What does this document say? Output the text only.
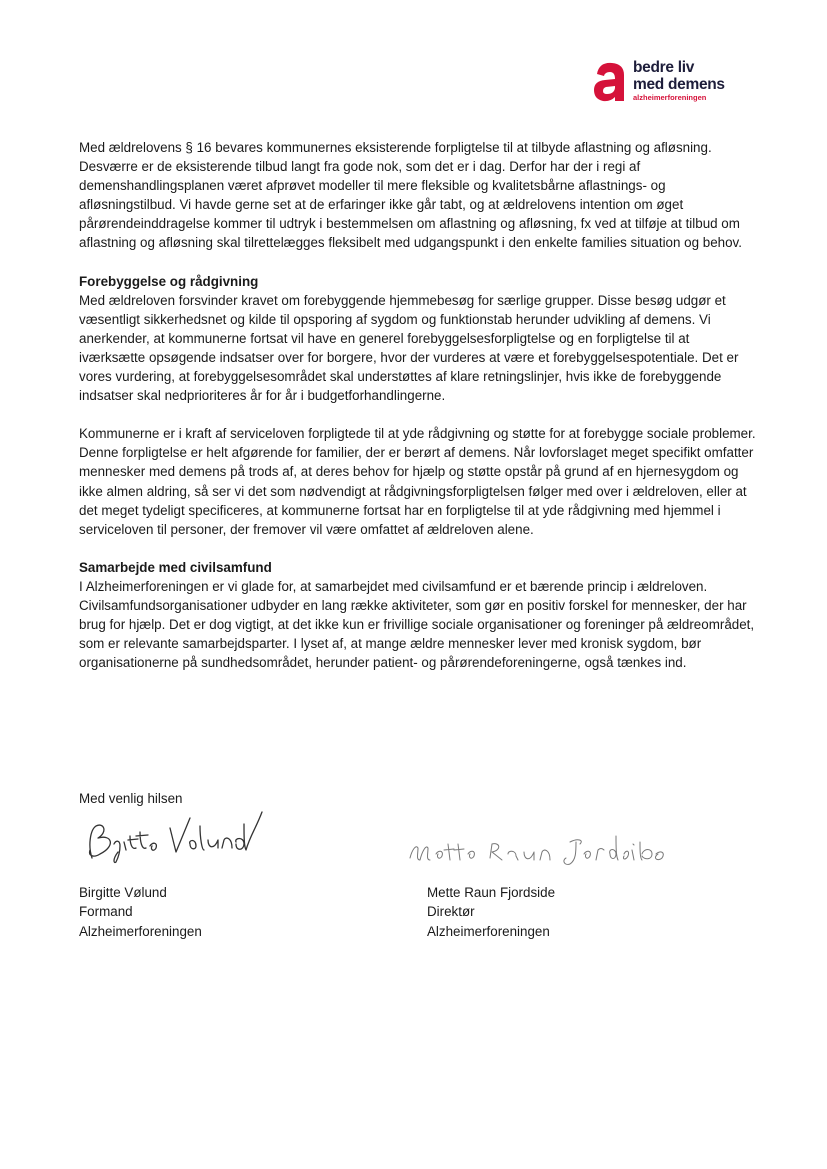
bedre liv
med demens
alzheimerforeningen

Med ældrelovens § 16 bevares kommunernes eksisterende forpligtelse til at tilbyde aflastning og afløsning. Desværre er de eksisterende tilbud langt fra gode nok, som det er i dag. Derfor har der i regi af demenshandlingsplanen været afprøvet modeller til mere fleksible og kvalitetsbårne aflastnings- og afløsningstilbud. Vi havde gerne set at de erfaringer ikke går tabt, og at ældrelovens intention om øget pårørendeinddragelse kommer til udtryk i bestemmelsen om aflastning og afløsning, fx ved at tilføje at tilbud om aflastning og afløsning skal tilrettelægges fleksibelt med udgangspunkt i den enkelte families situation og behov.

Forebyggelse og rådgivning

Med ældreloven forsvinder kravet om forebyggende hjemmebesøg for særlige grupper. Disse besøg udgør et væsentligt sikkerhedsnet og kilde til opsporing af sygdom og funktionstab herunder udvikling af demens. Vi anerkender, at kommunerne fortsat vil have en generel forebyggelsesforpligtelse og en forpligtelse til at iværksætte opsøgende indsatser over for borgere, hvor der vurderes at være et forebyggelsespotentiale. Det er vores vurdering, at forebyggelsesområdet skal understøttes af klare retningslinjer, hvis ikke de forebyggende indsatser skal nedprioriteres år for år i budgetforhandlingerne.

Kommunerne er i kraft af serviceloven forpligtede til at yde rådgivning og støtte for at forebygge sociale problemer. Denne forpligtelse er helt afgørende for familier, der er berørt af demens. Når lovforslaget meget specifikt omfatter mennesker med demens på trods af, at deres behov for hjælp og støtte opstår på grund af en hjernesygdom og ikke almen aldring, så ser vi det som nødvendigt at rådgivningsforpligtelsen følger med over i ældreloven, eller at det meget tydeligt specificeres, at kommunerne fortsat har en forpligtelse til at yde rådgivning med hjemmel i serviceloven til personer, der fremover vil være omfattet af ældreloven alene.

Samarbejde med civilsamfund

I Alzheimerforeningen er vi glade for, at samarbejdet med civilsamfund er et bærende princip i ældreloven. Civilsamfundsorganisationer udbyder en lang række aktiviteter, som gør en positiv forskel for mennesker, der har brug for hjælp. Det er dog vigtigt, at det ikke kun er frivillige sociale organisationer og foreninger på ældreområdet, som er relevante samarbejdsparter. I lyset af, at mange ældre mennesker lever med kronisk sygdom, bør organisationerne på sundhedsområdet, herunder patient- og pårørendeforeningerne, også tænkes ind.

Med venlig hilsen
Birgitte Vølund
Formand
Alzheimerforeningen
Mette Raun Fjordside
Direktør
Alzheimerforeningen
